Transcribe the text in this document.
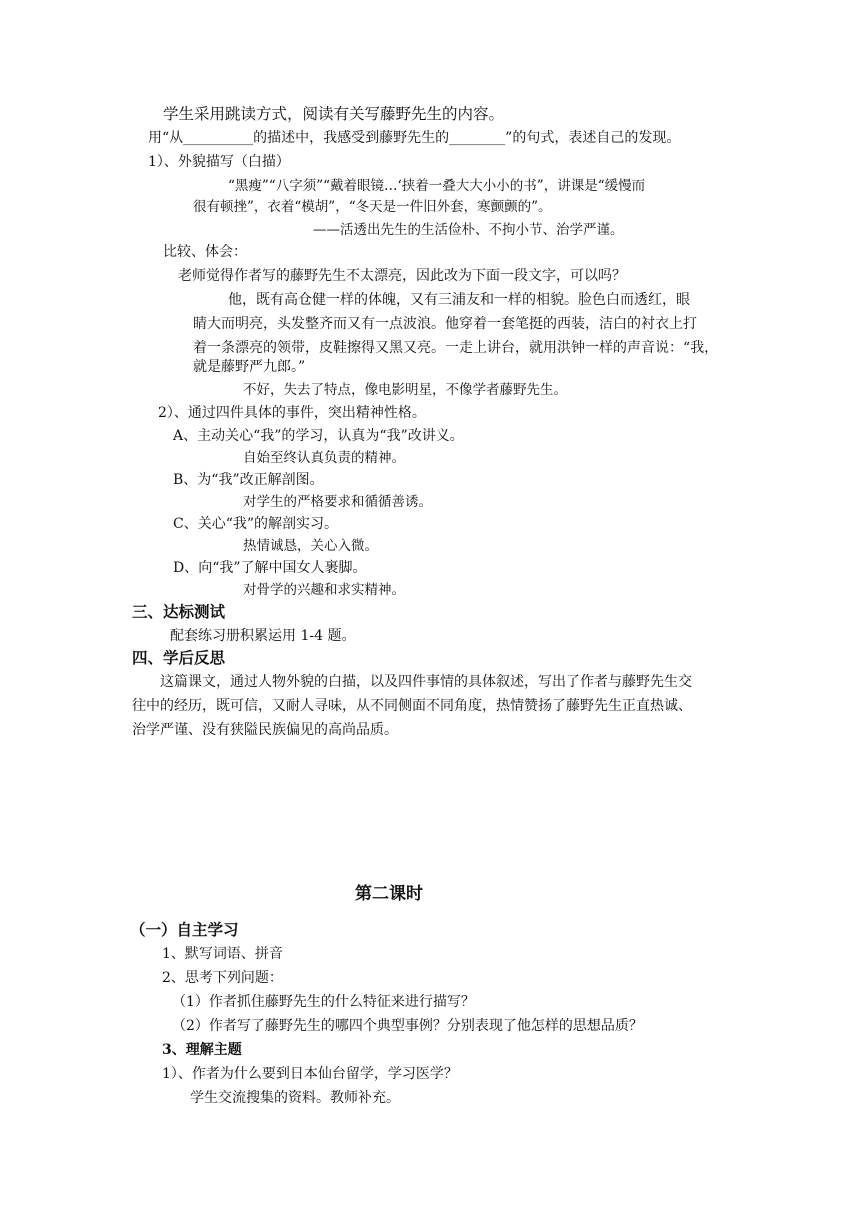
学生采用跳读方式，阅读有关写藤野先生的内容。
用“从__________的描述中，我感受到藤野先生的________”的句式，表述自己的发现。
1）、外貌描写（白描）
“黑瘦”“八字须”“戴着眼镜…‘挟着一叠大大小小的书”，讲课是“缓慢而
很有顿挫”，衣着“模胡”，“冬天是一件旧外套，寒颤颤的”。
——活透出先生的生活俭朴、不拘小节、治学严谨。
比较、体会：
老师觉得作者写的藤野先生不太漂亮，因此改为下面一段文字，可以吗？
他，既有高仓健一样的体魄，又有三浦友和一样的相貌。脸色白而透红，眼
睛大而明亮，头发整齐而又有一点波浪。他穿着一套笔挺的西装，洁白的衬衣上打
着一条漂亮的领带，皮鞋擦得又黑又亮。一走上讲台，就用洪钟一样的声音说：“我，
就是藤野严九郎。”
不好，失去了特点，像电影明星，不像学者藤野先生。
2）、通过四件具体的事件，突出精神性格。
A、主动关心“我”的学习，认真为“我”改讲义。
自始至终认真负责的精神。
B、为“我”改正解剖图。
对学生的严格要求和循循善诱。
C、关心“我”的解剖实习。
热情诚恳，关心入微。
D、向“我”了解中国女人裹脚。
对骨学的兴趣和求实精神。
三、达标测试
配套练习册积累运用 1-4 题。
四、学后反思
这篇课文，通过人物外貌的白描，以及四件事情的具体叙述，写出了作者与藤野先生交
往中的经历，既可信，又耐人寻味，从不同侧面不同角度，热情赞扬了藤野先生正直热诚、
治学严谨、没有狭隘民族偏见的高尚品质。
第二课时
（一）自主学习
1、默写词语、拼音
2、思考下列问题：
（1）作者抓住藤野先生的什么特征来进行描写？
（2）作者写了藤野先生的哪四个典型事例？分别表现了他怎样的思想品质？
3、理解主题
1）、作者为什么要到日本仙台留学，学习医学？
学生交流搜集的资料。教师补充。
